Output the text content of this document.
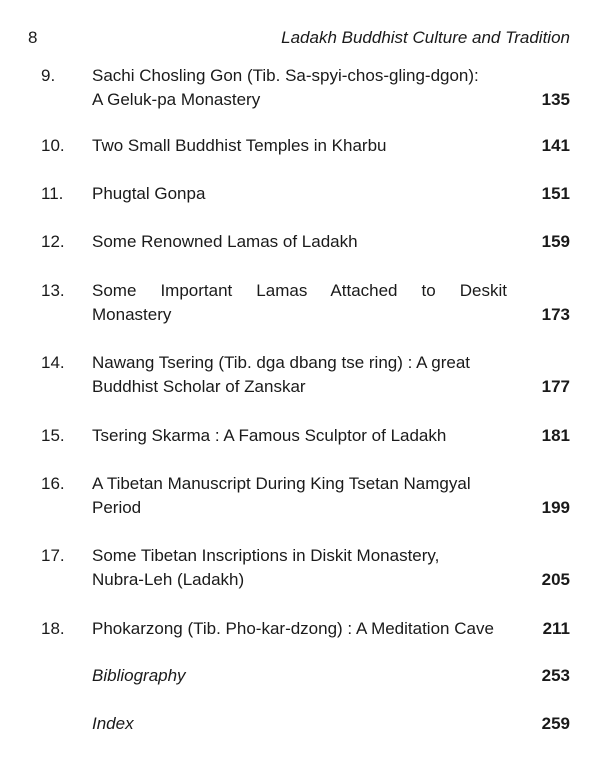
8	Ladakh Buddhist Culture and Tradition
9. Sachi Chosling Gon (Tib. Sa-spyi-chos-gling-dgon):
A Geluk-pa Monastery	135
10. Two Small Buddhist Temples in Kharbu	141
11. Phugtal Gonpa	151
12. Some Renowned Lamas of Ladakh	159
13. Some Important Lamas Attached to Deskit
Monastery	173
14. Nawang Tsering (Tib. dga dbang tse ring) : A great
Buddhist Scholar of Zanskar	177
15. Tsering Skarma : A Famous Sculptor of Ladakh	181
16. A Tibetan Manuscript During King Tsetan Namgyal
Period	199
17. Some Tibetan Inscriptions in Diskit Monastery,
Nubra-Leh (Ladakh)	205
18. Phokarzong (Tib. Pho-kar-dzong) : A Meditation Cave	211
Bibliography	253
Index	259
